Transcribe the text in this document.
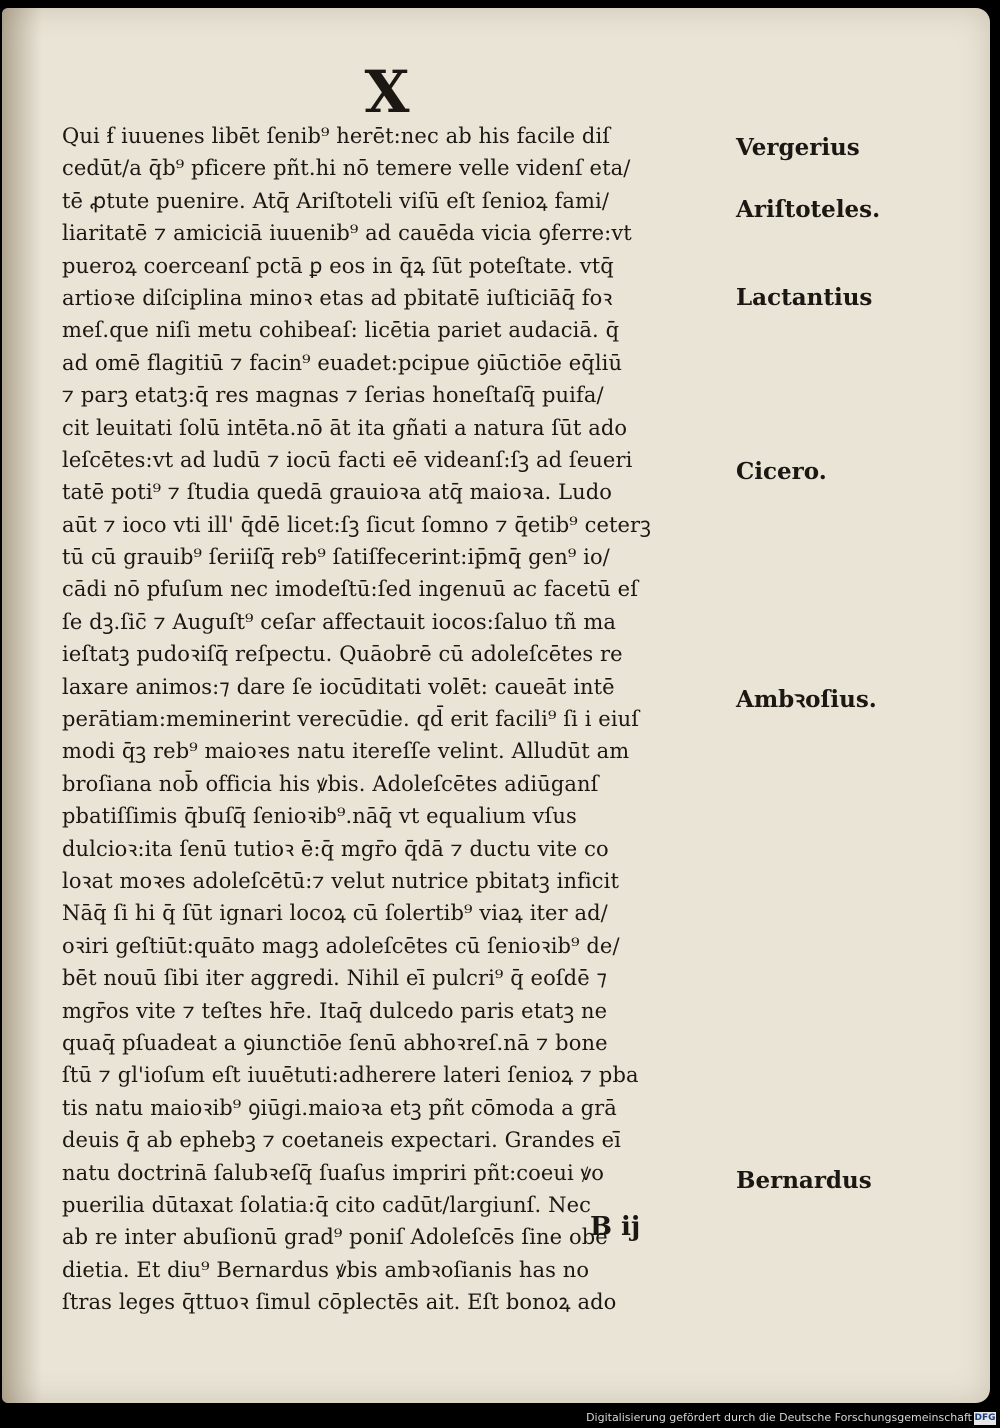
X
Qui ẜ iuuenes libēt ſenib⁹ herēt:nec ab his facile diſ
cedūt/a q̄b⁹ pficere pñt.hi nō temere velle videnſ eta/
tē ꝓtute puenire. Atq̄ Ariſtoteli viſū eſt ſenioꝝ fami/
liaritatē ⁊ amiciciā iuuenib⁹ ad cauēda vicia ꝯferre:vt
pueroꝝ coerceanſ pctā ꝑ eos in q̄ꝝ ſūt poteſtate. vtq̄
artioꝛe diſciplina minoꝛ etas ad pbitatē iuſticiāq̄ foꝛ
meſ.que niſi metu cohibeaſ: licētia pariet audaciā. q̄
ad omē flagitiū ⁊ facin⁹ euadet:pcipue ꝯiūctiōe eq̄liū
⁊ parꝫ etatꝫ:q̄ res magnas ⁊ ſerias honeſtaſq̄ puifa/
cit leuitati ſolū intēta.nō āt ita gñati a natura ſūt ado
leſcētes:vt ad ludū ⁊ iocū facti eē videanſ:ſꝫ ad ſeueri
tatē poti⁹ ⁊ ſtudia quedā grauioꝛa atq̄ maioꝛa. Ludo
aūt ⁊ ioco vti ill' q̄dē licet:ſꝫ ſicut ſomno ⁊ q̄etib⁹ ceterꝫ
tū cū grauib⁹ ſeriiſq̄ reb⁹ ſatiſfecerint:ip̄mq̄ gen⁹ io/
cādi nō pfuſum nec imodeſtū:ſed ingenuū ac facetū eſ
ſe dꝫ.ſic̄ ⁊ Auguſt⁹ ceſar affectauit iocos:ſaluo tñ ma
ieſtatꝫ pudoꝛiſq̄ reſpectu. Quāobrē cū adoleſcētes re
laxare animos:⁊ dare ſe iocūditati volēt: caueāt intē
perātiam:meminerint verecūdie. qd̄ erit facili⁹ ſi i eiuſ
modi q̄ꝫ reb⁹ maioꝛes natu itereſſe velint. Alludūt am
broſiana nob̄ officia his ꝟbis. Adoleſcētes adiūganſ
pbatiſſimis q̄buſq̄ ſenioꝛib⁹.nāq̄ vt equalium vſus
dulcioꝛ:ita ſenū tutioꝛ ē:q̄ mgr̄o q̄dā ⁊ ductu vite co
loꝛat moꝛes adoleſcētū:⁊ velut nutrice pbitatꝫ inficit
Nāq̄ ſi hi q̄ ſūt ignari locoꝝ cū ſolertib⁹ viaꝝ iter ad/
oꝛiri geſtiūt:quāto magꝫ adoleſcētes cū ſenioꝛib⁹ de/
bēt nouū ſibi iter aggredi. Nihil eī̄ pulcri⁹ q̄ eoſdē ⁊
mgr̄os vite ⁊ teſtes hr̄e. Itaq̄ dulcedo paris etatꝫ ne
quaq̄ pſuadeat a ꝯiunctiōe ſenū abhoꝛreſ.nā ⁊ bone
ſtū ⁊ gl'ioſum eſt iuuētuti:adherere lateri ſenioꝝ ⁊ pba
tis natu maioꝛib⁹ ꝯiūgi.maioꝛa etꝫ pñt cōmoda a grā
deuis q̄ ab ephebꝫ ⁊ coetaneis expectari. Grandes eī̄
natu doctrinā ſalubꝛeſq̄ ſuaſus impriri pñt:coeui ꝟo
puerilia dūtaxat ſolatia:q̄ cito cadūt/largiunſ. Nec
ab re inter abuſionū grad⁹ poniſ Adoleſcēs ſine obe
dietia. Et diu⁹ Bernardus ꝟbis ambꝛoſianis has no
ſtras leges q̄ttuoꝛ ſimul cōplectēs ait. Eſt bonoꝝ ado
Vergerius
Ariſtoteles.
Lactantius
Cicero.
Ambꝛoſius.
Bernardus
B ij
Digitalisierung gefördert durch die Deutsche Forschungsgemeinschaft DFG
